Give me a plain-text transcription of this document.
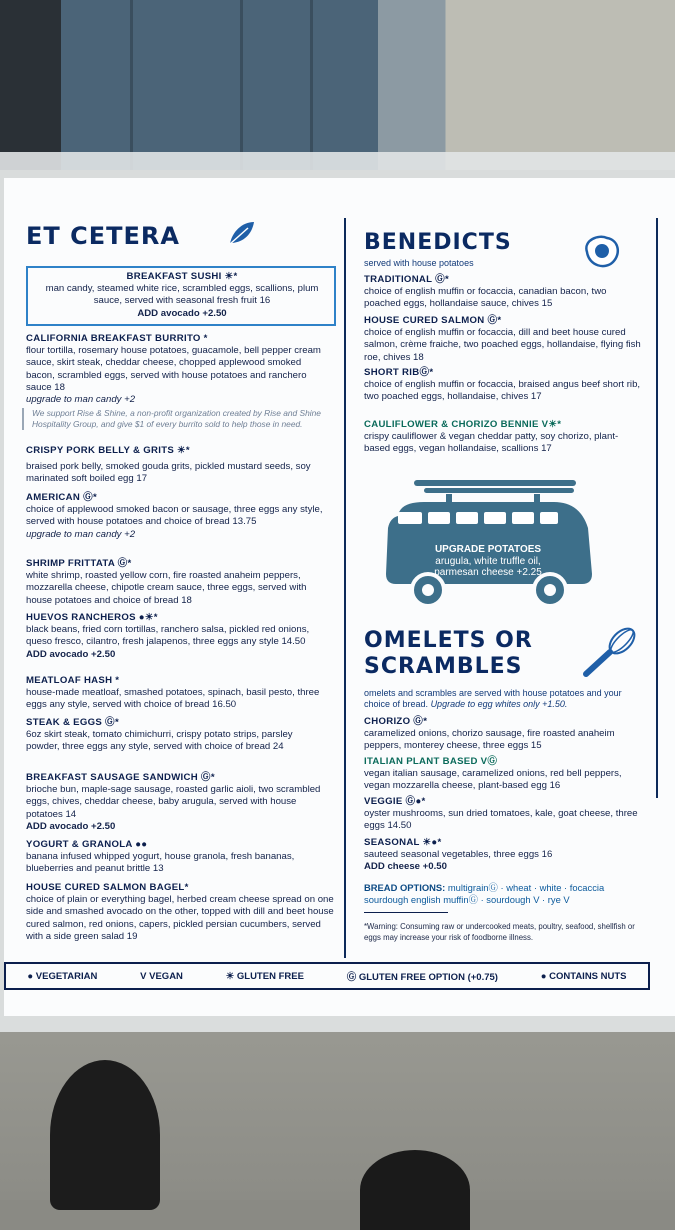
ET CETERA
BREAKFAST SUSHI ☀*
man candy, steamed white rice, scrambled eggs, scallions, plum sauce, served with seasonal fresh fruit 16
ADD avocado +2.50
CALIFORNIA BREAKFAST BURRITO *
flour tortilla, rosemary house potatoes, guacamole, bell pepper cream sauce, skirt steak, cheddar cheese, chopped applewood smoked bacon, scrambled eggs, served with house potatoes and ranchero sauce 18
upgrade to man candy +2
We support Rise & Shine, a non-profit organization created by Rise and Shine Hospitality Group, and give $1 of every burrito sold to help those in need.
CRISPY PORK BELLY & GRITS ☀*
braised pork belly, smoked gouda grits, pickled mustard seeds, soy marinated soft boiled egg 17
AMERICAN Ⓖ*
choice of applewood smoked bacon or sausage, three eggs any style, served with house potatoes and choice of bread 13.75
upgrade to man candy +2
SHRIMP FRITTATA Ⓖ*
white shrimp, roasted yellow corn, fire roasted anaheim peppers, mozzarella cheese, chipotle cream sauce, three eggs, served with house potatoes and choice of bread 18
HUEVOS RANCHEROS ●☀*
black beans, fried corn tortillas, ranchero salsa, pickled red onions, queso fresco, cilantro, fresh jalapenos, three eggs any style 14.50
ADD avocado +2.50
MEATLOAF HASH *
house-made meatloaf, smashed potatoes, spinach, basil pesto, three eggs any style, served with choice of bread 16.50
STEAK & EGGS Ⓖ*
6oz skirt steak, tomato chimichurri, crispy potato strips, parsley powder, three eggs any style, served with choice of bread 24
BREAKFAST SAUSAGE SANDWICH Ⓖ*
brioche bun, maple-sage sausage, roasted garlic aioli, two scrambled eggs, chives, cheddar cheese, baby arugula, served with house potatoes 14
ADD avocado +2.50
YOGURT & GRANOLA ●●
banana infused whipped yogurt, house granola, fresh bananas, blueberries and peanut brittle 13
HOUSE CURED SALMON BAGEL*
choice of plain or everything bagel, herbed cream cheese spread on one side and smashed avocado on the other, topped with dill and beet house cured salmon, red onions, capers, pickled persian cucumbers, served with a side green salad 19
BENEDICTS
served with house potatoes
TRADITIONAL Ⓖ*
choice of english muffin or focaccia, canadian bacon, two poached eggs, hollandaise sauce, chives 15
HOUSE CURED SALMON Ⓖ*
choice of english muffin or focaccia, dill and beet house cured salmon, crème fraiche, two poached eggs, hollandaise, flying fish roe, chives 18
SHORT RIBⒼ*
choice of english muffin or focaccia, braised angus beef short rib, two poached eggs, hollandaise, chives 17
CAULIFLOWER & CHORIZO BENNIE V☀*
crispy cauliflower & vegan cheddar patty, soy chorizo, plant-based eggs, vegan hollandaise, scallions 17
UPGRADE POTATOES
arugula, white truffle oil,
parmesan cheese +2.25
OMELETS OR
SCRAMBLES
omelets and scrambles are served with house potatoes and your choice of bread. Upgrade to egg whites only +1.50.
CHORIZO Ⓖ*
caramelized onions, chorizo sausage, fire roasted anaheim peppers, monterey cheese, three eggs 15
ITALIAN PLANT BASED VⒼ
vegan italian sausage, caramelized onions, red bell peppers, vegan mozzarella cheese, plant-based egg 16
VEGGIE Ⓖ●*
oyster mushrooms, sun dried tomatoes, kale, goat cheese, three eggs 14.50
SEASONAL ☀●*
sauteed seasonal vegetables, three eggs 16
ADD cheese +0.50
BREAD OPTIONS: multigrainⒼ · wheat · white · focaccia
sourdough english muffinⒼ · sourdough V · rye V
*Warning: Consuming raw or undercooked meats, poultry, seafood, shellfish or eggs may increase your risk of foodborne illness.
● VEGETARIAN	V VEGAN	☀ GLUTEN FREE	Ⓖ GLUTEN FREE OPTION (+0.75)	● CONTAINS NUTS
